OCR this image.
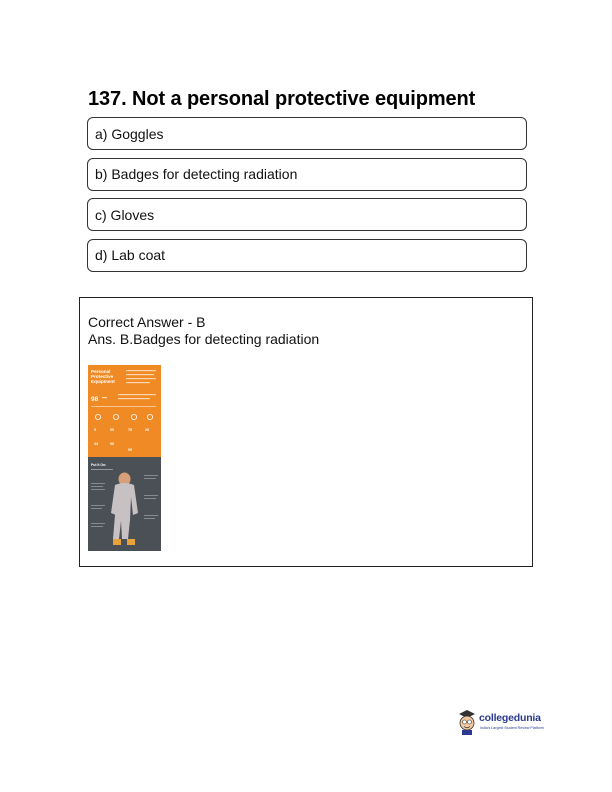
137. Not a personal protective equipment
a) Goggles
b) Badges for detecting radiation
c) Gloves
d) Lab coat
Correct Answer - B
Ans. B.Badges for detecting radiation
Personal Protective Equipment
98
9	55	75	25
34	90
95
Put It On:
collegedunia
India's Largest Student Review Platform
